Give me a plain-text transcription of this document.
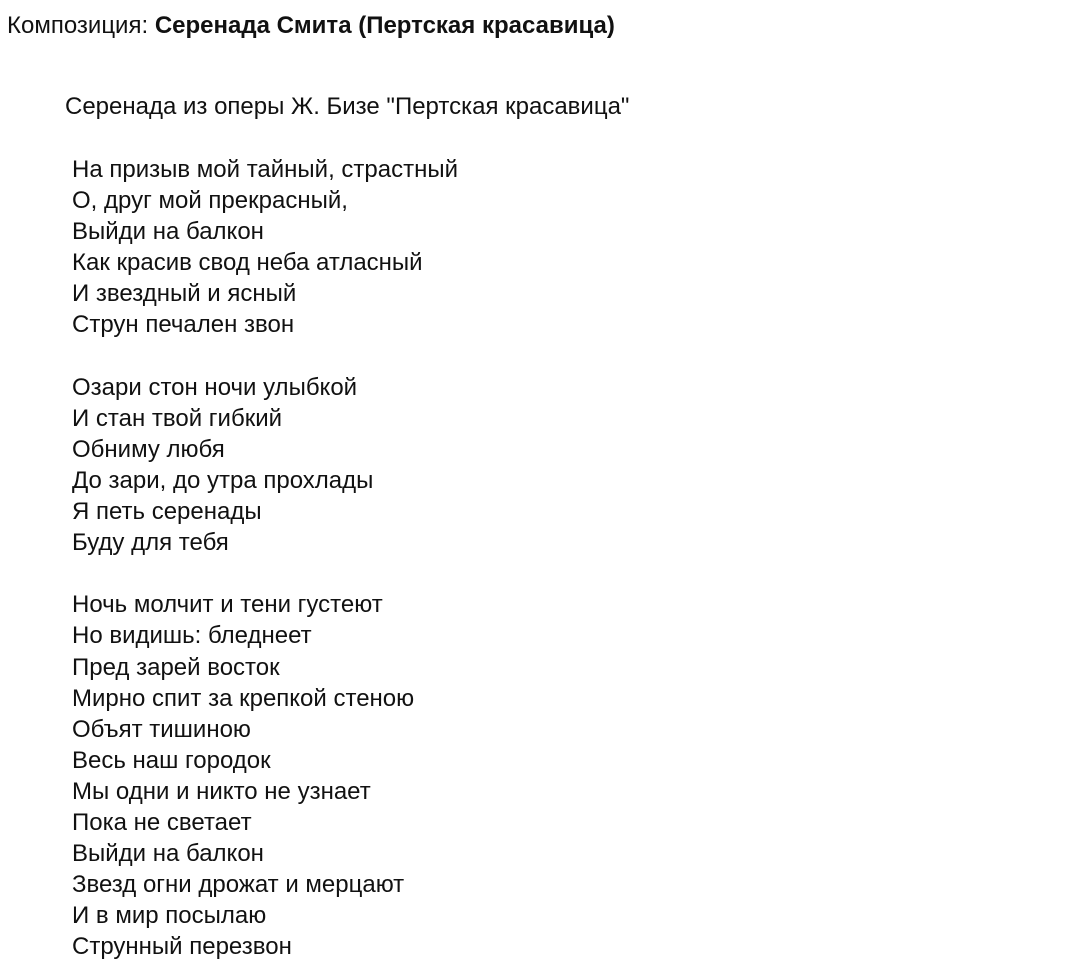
Композиция: Серенада Смита (Пертская красавица)
Серенада из оперы Ж. Бизе "Пертская красавица"
На призыв мой тайный, страстный
О, друг мой прекрасный,
Выйди на балкон
Как красив свод неба атласный
И звездный и ясный
Струн печален звон
Озари стон ночи улыбкой
И стан твой гибкий
Обниму любя
До зари, до утра прохлады
Я петь серенады
Буду для тебя
Ночь молчит и тени густеют
Но видишь: бледнеет
Пред зарей восток
Мирно спит за крепкой стеною
Объят тишиною
Весь наш городок
Мы одни и никто не узнает
Пока не светает
Выйди на балкон
Звезд огни дрожат и мерцают
И в мир посылаю
Струнный перезвон
